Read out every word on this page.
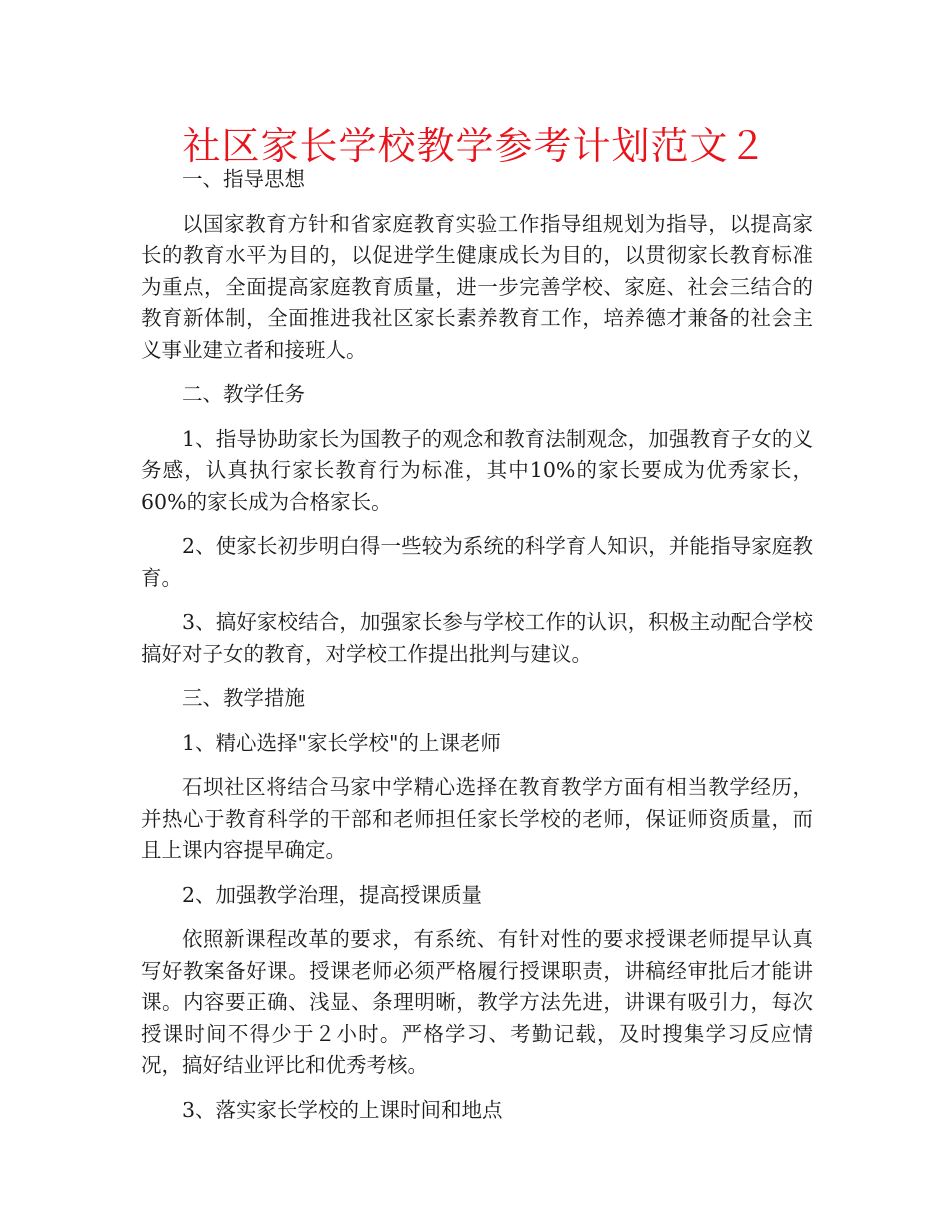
社区家长学校教学参考计划范文２

一、指导思想

以国家教育方针和省家庭教育实验工作指导组规划为指导，以提高家长的教育水平为目的，以促进学生健康成长为目的，以贯彻家长教育标准为重点，全面提高家庭教育质量，进一步完善学校、家庭、社会三结合的教育新体制，全面推进我社区家长素养教育工作，培养德才兼备的社会主义事业建立者和接班人。

二、教学任务

1、指导协助家长为国教子的观念和教育法制观念，加强教育子女的义务感，认真执行家长教育行为标准，其中10%的家长要成为优秀家长，60%的家长成为合格家长。

2、使家长初步明白得一些较为系统的科学育人知识，并能指导家庭教育。

3、搞好家校结合，加强家长参与学校工作的认识，积极主动配合学校搞好对子女的教育，对学校工作提出批判与建议。

三、教学措施

1、精心选择"家长学校"的上课老师

石坝社区将结合马家中学精心选择在教育教学方面有相当教学经历，并热心于教育科学的干部和老师担任家长学校的老师，保证师资质量，而且上课内容提早确定。

2、加强教学治理，提高授课质量

依照新课程改革的要求，有系统、有针对性的要求授课老师提早认真写好教案备好课。授课老师必须严格履行授课职责，讲稿经审批后才能讲课。内容要正确、浅显、条理明晰，教学方法先进，讲课有吸引力，每次授课时间不得少于２小时。严格学习、考勤记载，及时搜集学习反应情况，搞好结业评比和优秀考核。

3、落实家长学校的上课时间和地点
